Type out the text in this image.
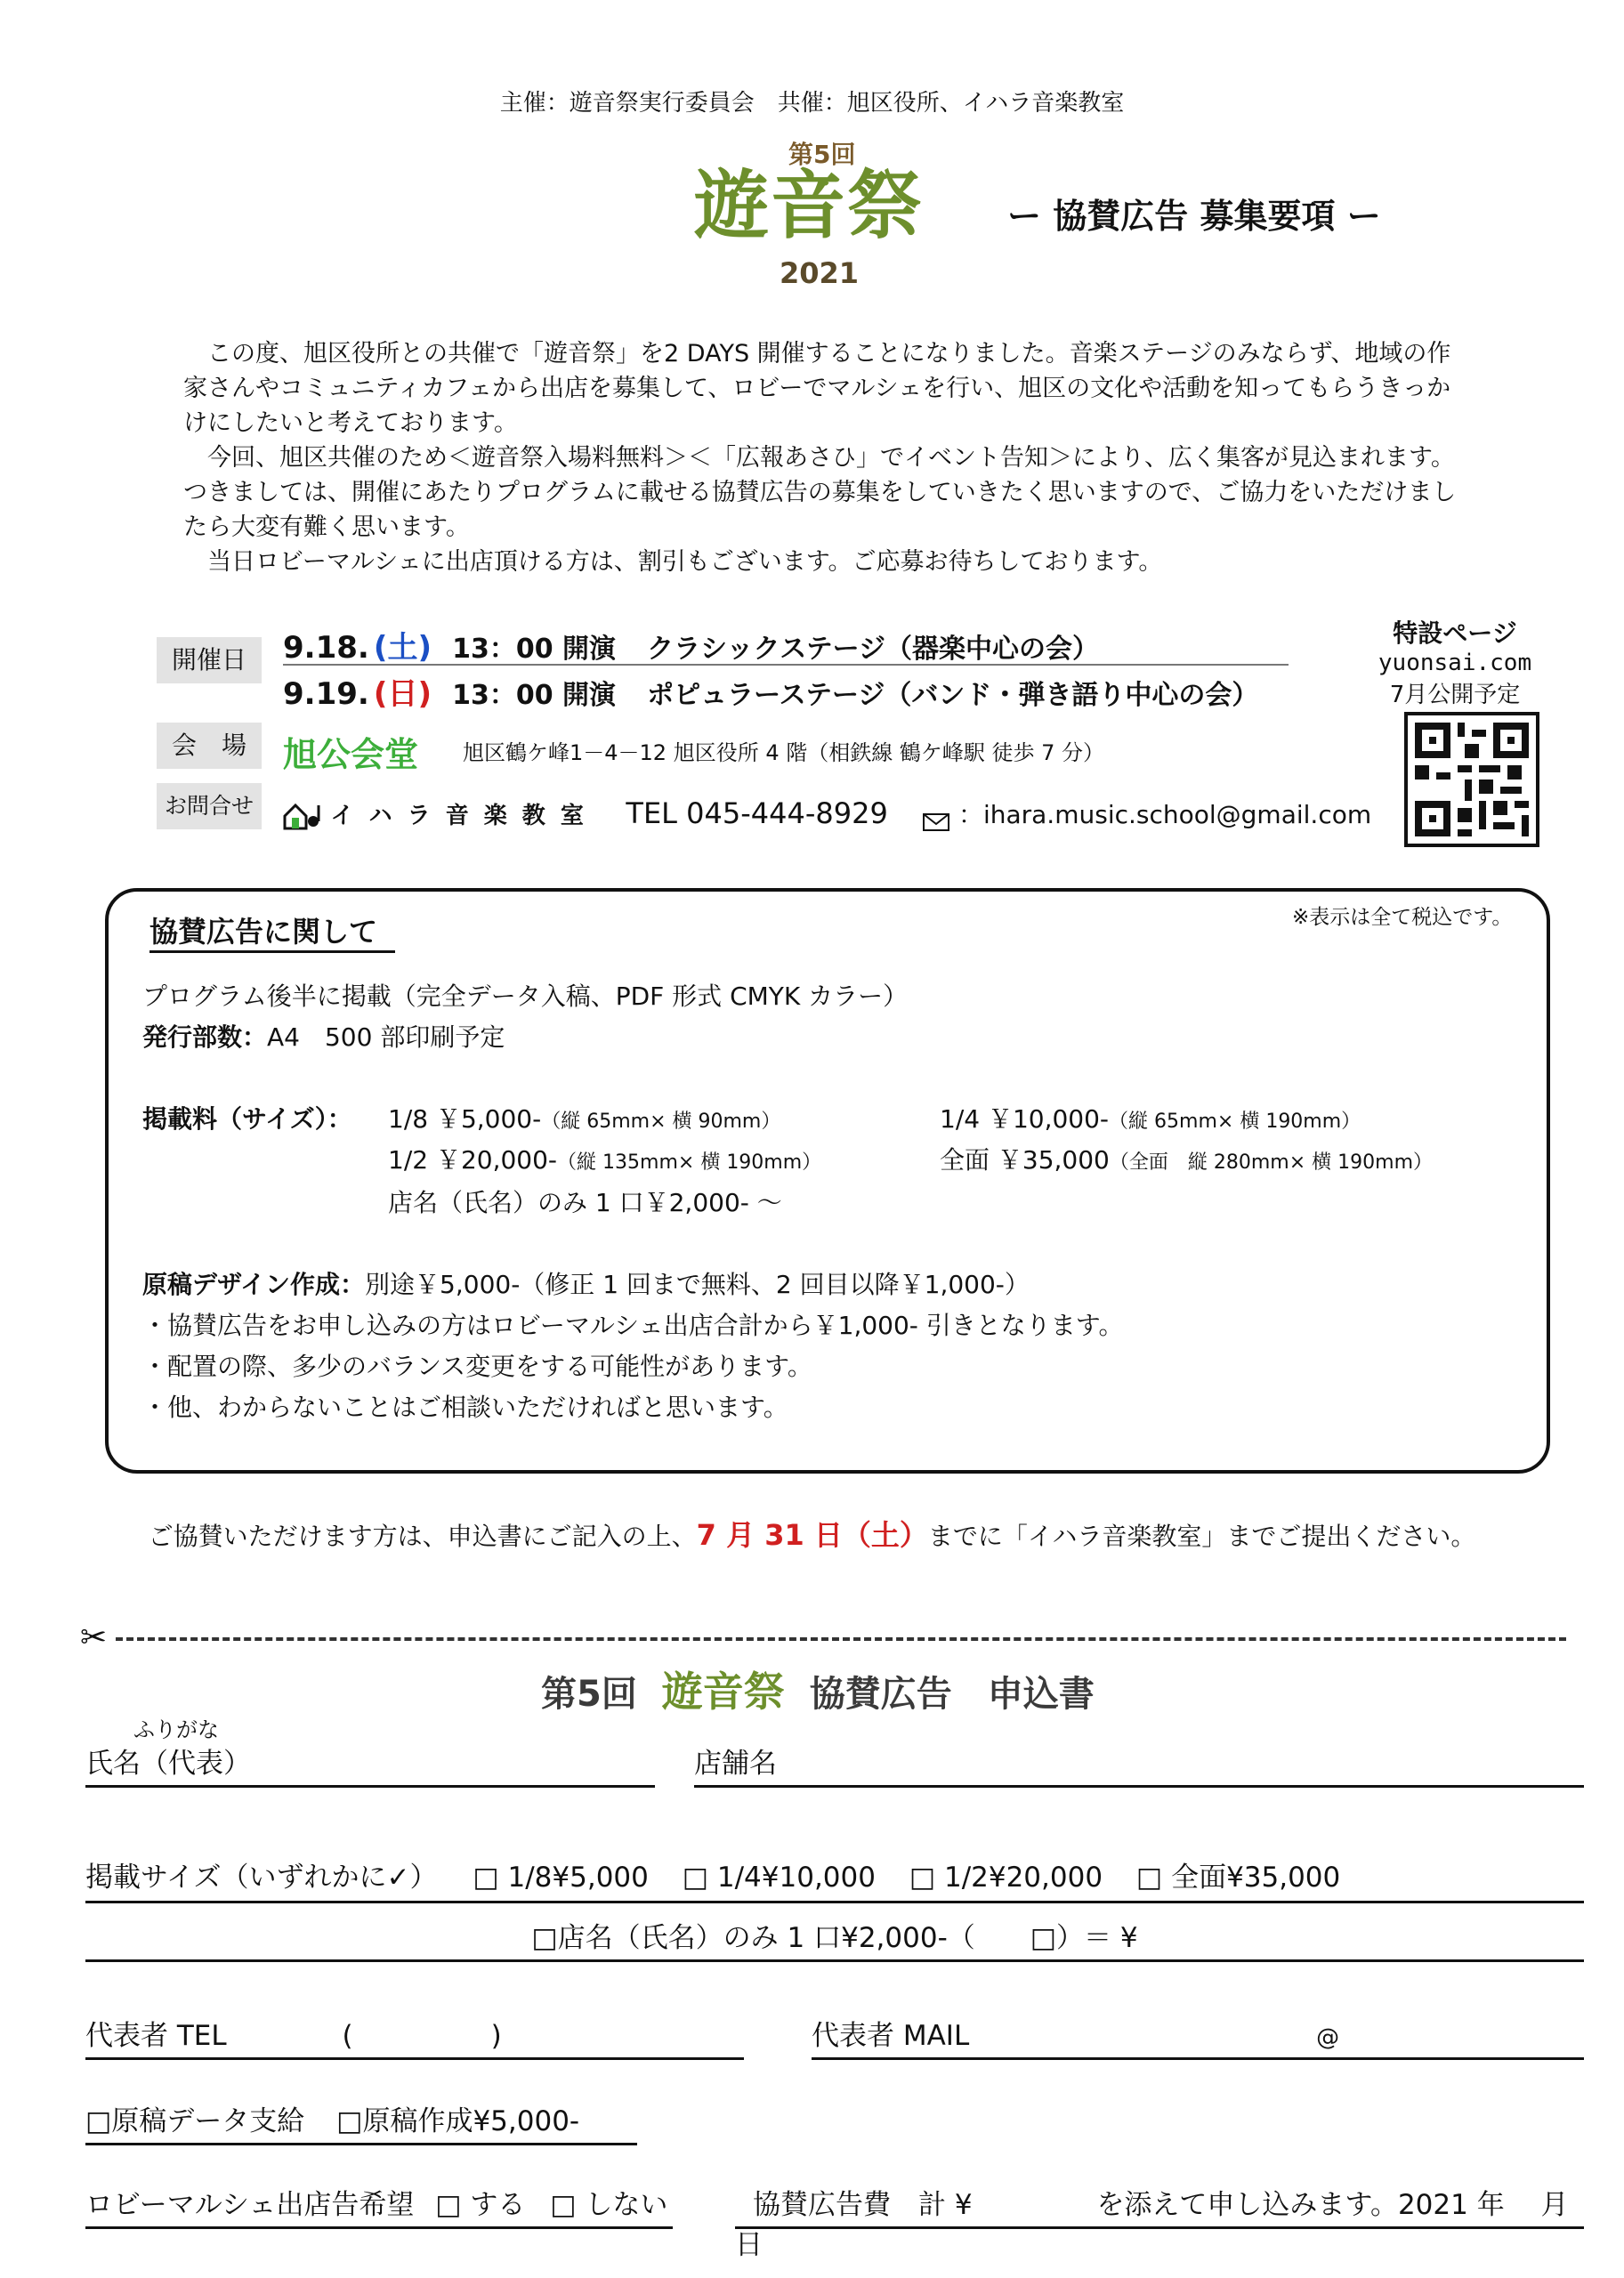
主催：遊音祭実行委員会　共催：旭区役所、イハラ音楽教室
第5回
遊音祭
2021
ー 協賛広告 募集要項 ー

　この度、旭区役所との共催で「遊音祭」を2 DAYS 開催することになりました。音楽ステージのみならず、地域の作家さんやコミュニティカフェから出店を募集して、ロビーでマルシェを行い、旭区の文化や活動を知ってもらうきっかけにしたいと考えております。

　今回、旭区共催のため＜遊音祭入場料無料＞＜「広報あさひ」でイベント告知＞により、広く集客が見込まれます。つきましては、開催にあたりプログラムに載せる協賛広告の募集をしていきたく思いますので、ご協力をいただけましたら大変有難く思います。

　当日ロビーマルシェに出店頂ける方は、割引もございます。ご応募お待ちしております。

開催日	9.18. (土) 13：00 開演 クラシックステージ（器楽中心の会）
9.19. (日) 13：00 開演 ポピュラーステージ（バンド・弾き語り中心の会）
会　場	旭公会堂 旭区鶴ケ峰1－4－12 旭区役所 4 階（相鉄線 鶴ケ峰駅 徒歩 7 分）
お問合せ	イ ハ ラ 音 楽 教 室 TEL 045-444-8929	：ihara.music.school@gmail.com
特設ページ
yuonsai.com
7月公開予定
協賛広告に関して	※表示は全て税込です。
プログラム後半に掲載（完全データ入稿、PDF 形式 CMYK カラー）
発行部数：A4　500 部印刷予定
掲載料（サイズ）： 1/8 ￥5,000-（縦 65mm× 横 90mm）	1/4 ￥10,000-（縦 65mm× 横 190mm）
1/2 ￥20,000-（縦 135mm× 横 190mm）	全面 ￥35,000（全面　縦 280mm× 横 190mm）
店名（氏名）のみ 1 口￥2,000- 〜
原稿デザイン作成：別途￥5,000-（修正 1 回まで無料、2 回目以降￥1,000-）
・協賛広告をお申し込みの方はロビーマルシェ出店合計から￥1,000- 引きとなります。
・配置の際、多少のバランス変更をする可能性があります。
・他、わからないことはご相談いただければと思います。
ご協賛いただけます方は、申込書にご記入の上、7 月 31 日（土）までに「イハラ音楽教室」までご提出ください。
✂
第5回 遊音祭 協賛広告　申込書
ふりがな
氏名（代表）	店舗名
掲載サイズ（いずれかに✓） □ 1/8¥5,000 □ 1/4¥10,000 □ 1/2¥20,000 □ 全面¥35,000
□店名（氏名）のみ 1 口¥2,000-（　　□）＝ ¥
代表者 TEL	(　　　　　)	代表者 MAIL	@
□原稿データ支給 □原稿作成¥5,000-
ロビーマルシェ出店告希望 □ する □ しない	協賛広告費　計 ¥	を添えて申し込みます。2021 年　 月　　日
